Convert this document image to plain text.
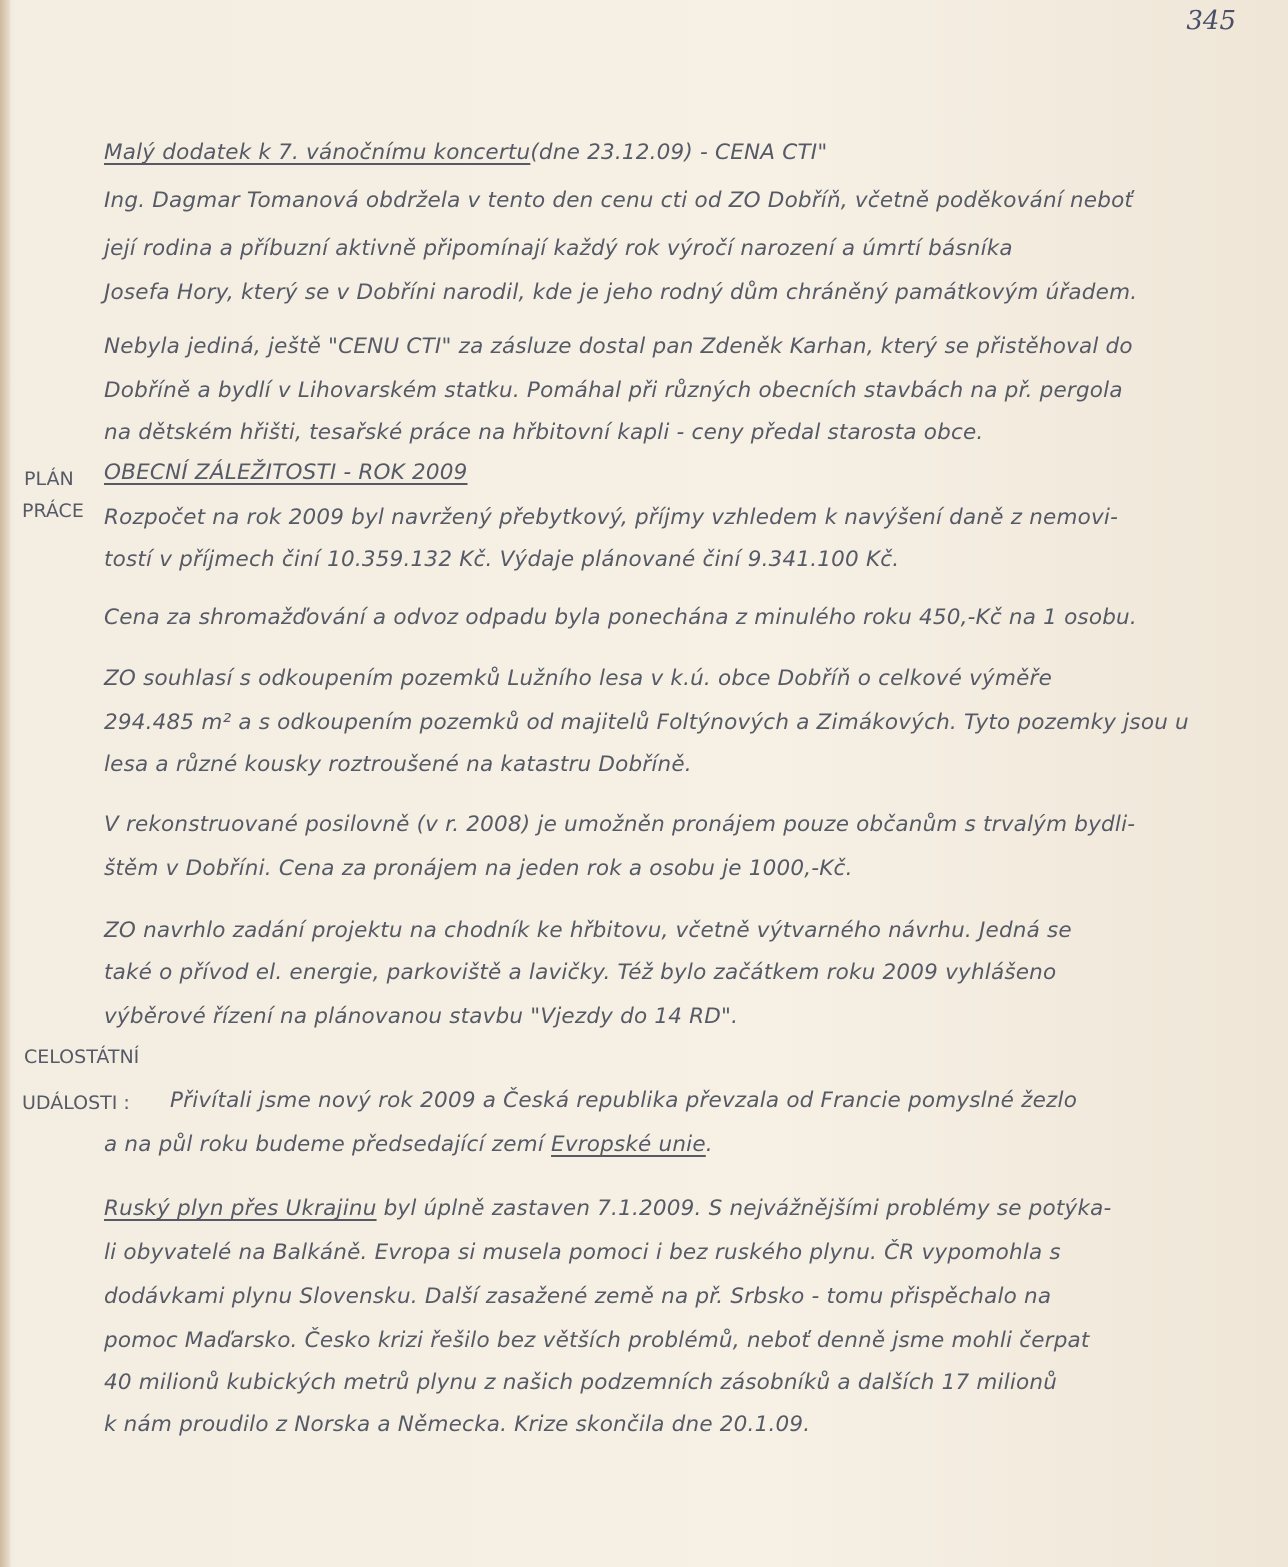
345
Malý dodatek k 7. vánočnímu koncertu(dne 23.12.09) - CENA CTI"
Ing. Dagmar Tomanová obdržela v tento den cenu cti od ZO Dobříň, včetně poděkování neboť
její rodina a příbuzní aktivně připomínají každý rok výročí narození a úmrtí básníka
Josefa Hory, který se v Dobříni narodil, kde je jeho rodný dům chráněný památkovým úřadem.
Nebyla jediná, ještě "CENU CTI" za zásluze dostal pan Zdeněk Karhan, který se přistěhoval do
Dobříně a bydlí v Lihovarském statku. Pomáhal při různých obecních stavbách na př. pergola
na dětském hřišti, tesařské práce na hřbitovní kapli - ceny předal starosta obce.
PLÁN
PRÁCE
OBECNÍ ZÁLEŽITOSTI - ROK 2009
Rozpočet na rok 2009 byl navržený přebytkový, příjmy vzhledem k navýšení daně z nemovi-
tostí v příjmech činí 10.359.132 Kč. Výdaje plánované činí 9.341.100 Kč.
Cena za shromažďování a odvoz odpadu byla ponechána z minulého roku 450,-Kč na 1 osobu.
ZO souhlasí s odkoupením pozemků Lužního lesa v k.ú. obce Dobříň o celkové výměře
294.485 m² a s odkoupením pozemků od majitelů Foltýnových a Zimákových. Tyto pozemky jsou u
lesa a různé kousky roztroušené na katastru Dobříně.
V rekonstruované posilovně (v r. 2008) je umožněn pronájem pouze občanům s trvalým bydli-
štěm v Dobříni. Cena za pronájem na jeden rok a osobu je 1000,-Kč.
ZO navrhlo zadání projektu na chodník ke hřbitovu, včetně výtvarného návrhu. Jedná se
také o přívod el. energie, parkoviště a lavičky. Též bylo začátkem roku 2009 vyhlášeno
výběrové řízení na plánovanou stavbu "Vjezdy do 14 RD".
CELOSTÁTNÍ
UDÁLOSTI : Přivítali jsme nový rok 2009 a Česká republika převzala od Francie pomyslné žezlo
a na půl roku budeme předsedající zemí Evropské unie.
Ruský plyn přes Ukrajinu byl úplně zastaven 7.1.2009. S nejvážnějšími problémy se potýka-
li obyvatelé na Balkáně. Evropa si musela pomoci i bez ruského plynu. ČR vypomohla s
dodávkami plynu Slovensku. Další zasažené země na př. Srbsko - tomu přispěchalo na
pomoc Maďarsko. Česko krizi řešilo bez větších problémů, neboť denně jsme mohli čerpat
40 milionů kubických metrů plynu z našich podzemních zásobníků a dalších 17 milionů
k nám proudilo z Norska a Německa. Krize skončila dne 20.1.09.
